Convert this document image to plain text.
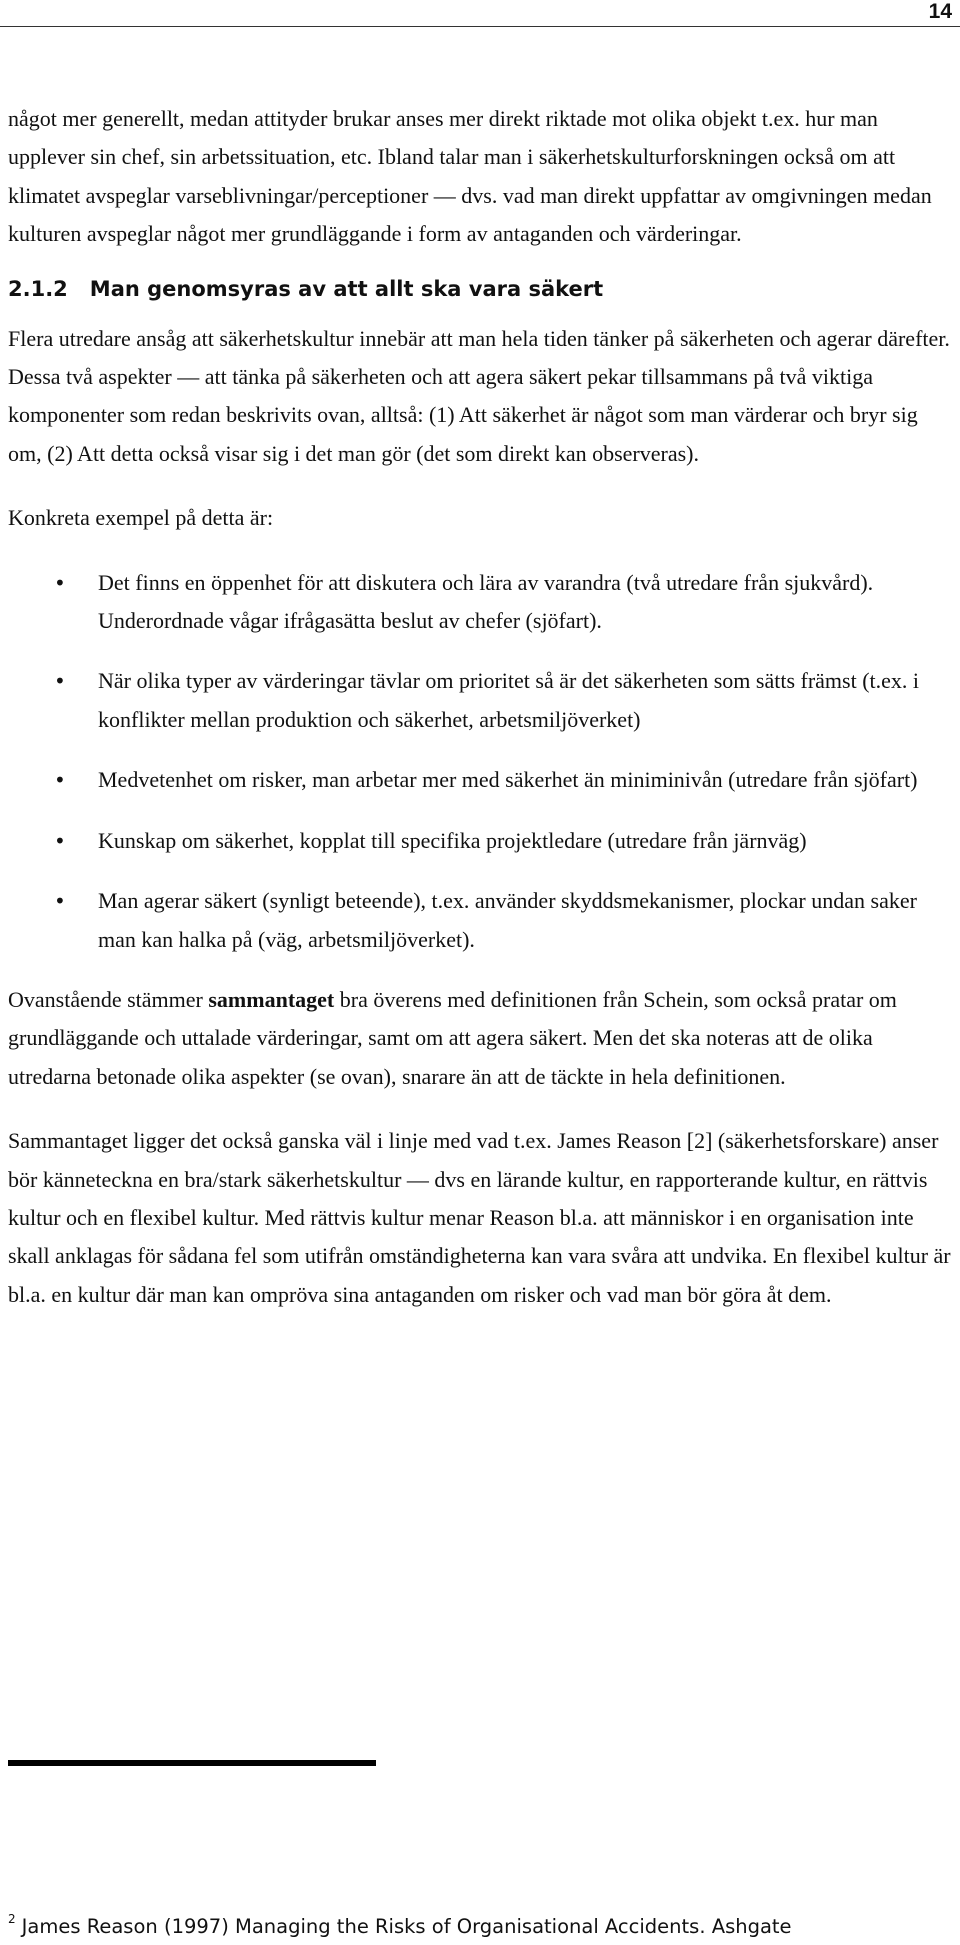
14

något mer generellt, medan attityder brukar anses mer direkt riktade mot olika objekt t.ex. hur man upplever sin chef, sin arbetssituation, etc. Ibland talar man i säkerhetskulturforskningen också om att klimatet avspeglar varseblivningar/perceptioner — dvs. vad man direkt uppfattar av omgivningen medan kulturen avspeglar något mer grundläggande i form av antaganden och värderingar.

2.1.2 Man genomsyras av att allt ska vara säkert

Flera utredare ansåg att säkerhetskultur innebär att man hela tiden tänker på säkerheten och agerar därefter. Dessa två aspekter — att tänka på säkerheten och att agera säkert pekar tillsammans på två viktiga komponenter som redan beskrivits ovan, alltså: (1) Att säkerhet är något som man värderar och bryr sig om, (2) Att detta också visar sig i det man gör (det som direkt kan observeras).

Konkreta exempel på detta är:

• Det finns en öppenhet för att diskutera och lära av varandra (två utredare från sjukvård). Underordnade vågar ifrågasätta beslut av chefer (sjöfart).
• När olika typer av värderingar tävlar om prioritet så är det säkerheten som sätts främst (t.ex. i konflikter mellan produktion och säkerhet, arbetsmiljöverket)
• Medvetenhet om risker, man arbetar mer med säkerhet än miniminivån (utredare från sjöfart)
• Kunskap om säkerhet, kopplat till specifika projektledare (utredare från järnväg)
• Man agerar säkert (synligt beteende), t.ex. använder skyddsmekanismer, plockar undan saker man kan halka på (väg, arbetsmiljöverket).

Ovanstående stämmer sammantaget bra överens med definitionen från Schein, som också pratar om grundläggande och uttalade värderingar, samt om att agera säkert. Men det ska noteras att de olika utredarna betonade olika aspekter (se ovan), snarare än att de täckte in hela definitionen.

Sammantaget ligger det också ganska väl i linje med vad t.ex. James Reason [2] (säkerhetsforskare) anser bör känneteckna en bra/stark säkerhetskultur — dvs en lärande kultur, en rapporterande kultur, en rättvis kultur och en flexibel kultur. Med rättvis kultur menar Reason bl.a. att människor i en organisation inte skall anklagas för sådana fel som utifrån omständigheterna kan vara svåra att undvika. En flexibel kultur är bl.a. en kultur där man kan ompröva sina antaganden om risker och vad man bör göra åt dem.

$^2$ James Reason (1997) Managing the Risks of Organisational Accidents. Ashgate
